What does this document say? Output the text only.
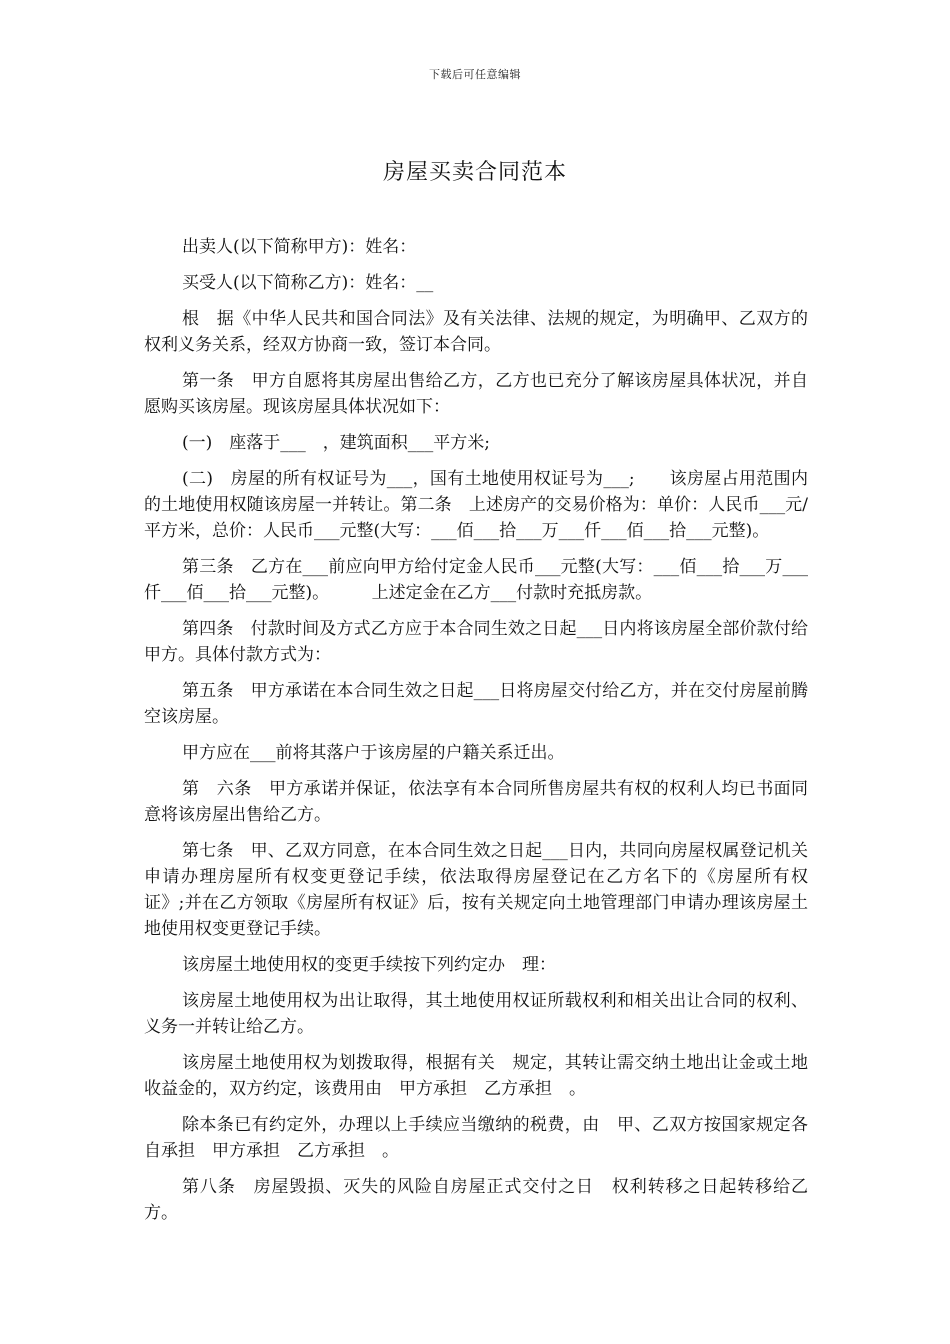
下载后可任意编辑
房屋买卖合同范本

出卖人(以下简称甲方)：姓名：

买受人(以下简称乙方)：姓名：__

根　据《中华人民共和国合同法》及有关法律、法规的规定，为明确甲、乙双方的权利义务关系，经双方协商一致，签订本合同。

第一条　甲方自愿将其房屋出售给乙方，乙方也已充分了解该房屋具体状况，并自愿购买该房屋。现该房屋具体状况如下：

(一)　座落于___　，建筑面积___平方米;

(二)　房屋的所有权证号为___，国有土地使用权证号为___;　　该房屋占用范围内的土地使用权随该房屋一并转让。第二条　上述房产的交易价格为：单价：人民币___元/平方米，总价：人民币___元整(大写：___佰___拾___万___仟___佰___拾___元整)。

第三条　乙方在___前应向甲方给付定金人民币___元整(大写：___佰___拾___万___仟___佰___拾___元整)。　　　上述定金在乙方___付款时充抵房款。

第四条　付款时间及方式乙方应于本合同生效之日起___日内将该房屋全部价款付给甲方。具体付款方式为：

第五条　甲方承诺在本合同生效之日起___日将房屋交付给乙方，并在交付房屋前腾空该房屋。

甲方应在___前将其落户于该房屋的户籍关系迁出。

第　六条　甲方承诺并保证，依法享有本合同所售房屋共有权的权利人均已书面同意将该房屋出售给乙方。

第七条　甲、乙双方同意，在本合同生效之日起___日内，共同向房屋权属登记机关申请办理房屋所有权变更登记手续，依法取得房屋登记在乙方名下的《房屋所有权　证》;并在乙方领取《房屋所有权证》后，按有关规定向土地管理部门申请办理该房屋土地使用权变更登记手续。

该房屋土地使用权的变更手续按下列约定办　理：

该房屋土地使用权为出让取得，其土地使用权证所载权利和相关出让合同的权利、义务一并转让给乙方。

该房屋土地使用权为划拨取得，根据有关　规定，其转让需交纳土地出让金或土地收益金的，双方约定，该费用由　甲方承担　乙方承担　。

除本条已有约定外，办理以上手续应当缴纳的税费，由　甲、乙双方按国家规定各自承担　甲方承担　乙方承担　。

第八条　房屋毁损、灭失的风险自房屋正式交付之日　权利转移之日起转移给乙方。
